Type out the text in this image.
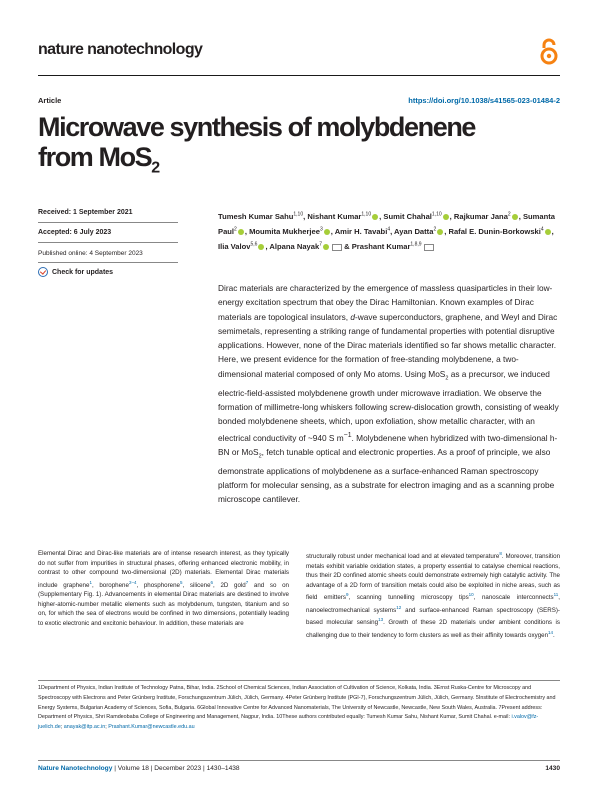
nature nanotechnology
Article	https://doi.org/10.1038/s41565-023-01484-2
Microwave synthesis of molybdenene
from MoS$_2$
Received: 1 September 2021
Accepted: 6 July 2023
Published online: 4 September 2023
Check for updates
Tumesh Kumar Sahu$^{1,10}$, Nishant Kumar$^{1,10}$ , Sumit Chahal$^{1,10}$ , Rajkumar Jana$^2$ , Sumanta Paul$^2$ , Moumita Mukherjee$^3$ , Amir H. Tavabi$^4$, Ayan Datta$^2$ , Rafal E. Dunin-Borkowski$^4$ , Ilia Valov$^{5,6}$ , Alpana Nayak$^7$	& Prashant Kumar$^{1,8,9}$

Dirac materials are characterized by the emergence of massless quasiparticles in their low-energy excitation spectrum that obey the Dirac Hamiltonian. Known examples of Dirac materials are topological insulators, d-wave superconductors, graphene, and Weyl and Dirac semimetals, representing a striking range of fundamental properties with potential disruptive applications. However, none of the Dirac materials identified so far shows metallic character. Here, we present evidence for the formation of free-standing molybdenene, a two-dimensional material composed of only Mo atoms. Using MoS$_2$ as a precursor, we induced electric-field-assisted molybdenene growth under microwave irradiation. We observe the formation of millimetre-long whiskers following screw-dislocation growth, consisting of weakly bonded molybdenene sheets, which, upon exfoliation, show metallic character, with an electrical conductivity of ~940 S $m^{-1}$. Molybdenene when hybridized with two-dimensional h-BN or MoS$_2$, fetch tunable optical and electronic properties. As a proof of principle, we also demonstrate applications of molybdenene as a surface-enhanced Raman spectroscopy platform for molecular sensing, as a substrate for electron imaging and as a scanning probe microscope cantilever.

Elemental Dirac and Dirac-like materials are of intense research interest, as they typically do not suffer from impurities in structural phases, offering enhanced electronic mobility, in contrast to other compound two-dimensional (2D) materials. Elemental Dirac materials include graphene$^1$, borophene$^{2-4}$, phosphorene$^5$, silicene$^6$, 2D gold$^7$ and so on (Supplementary Fig. 1). Advancements in elemental Dirac materials are destined to involve higher-atomic-number metallic elements such as molybdenum, tungsten, titanium and so on, for which the sea of electrons would be confined in two dimensions, potentially leading to exotic electronic and excitonic behaviour. In addition, these materials are

structurally robust under mechanical load and at elevated temperature$^8$. Moreover, transition metals exhibit variable oxidation states, a property essential to catalyse chemical reactions, thus their 2D confined atomic sheets could demonstrate extremely high catalytic activity. The advantage of a 2D form of transition metals could also be exploited in niche areas, such as field emitters$^9$, scanning tunnelling microscopy tips$^{10}$, nanoscale interconnects$^{11}$, nanoelectromechanical systems$^{12}$ and surface-enhanced Raman spectroscopy (SERS)-based molecular sensing$^{13}$. Growth of these 2D materials under ambient conditions is challenging due to their tendency to form clusters as well as their affinity towards oxygen$^{14}$.

1Department of Physics, Indian Institute of Technology Patna, Bihar, India. 2School of Chemical Sciences, Indian Association of Cultivation of Science, Kolkata, India. 3Ernst Ruska-Centre for Microscopy and Spectroscopy with Electrons and Peter Grünberg Institute, Forschungszentrum Jülich, Jülich, Germany. 4Peter Grünberg Institute (PGI-7), Forschungszentrum Jülich, Jülich, Germany. 5Institute of Electrochemistry and Energy Systems, Bulgarian Academy of Sciences, Sofia, Bulgaria. 6Global Innovative Centre for Advanced Nanomaterials, The University of Newcastle, Newcastle, New South Wales, Australia. 7Present address: Department of Physics, Shri Ramdeobaba College of Engineering and Management, Nagpur, India. 10These authors contributed equally: Tumesh Kumar Sahu, Nishant Kumar, Sumit Chahal. e-mail: i.valov@fz-juelich.de; anayak@itp.ac.in; Prashant.Kumar@newcastle.edu.au

Nature Nanotechnology | Volume 18 | December 2023 | 1430–1438	1430
